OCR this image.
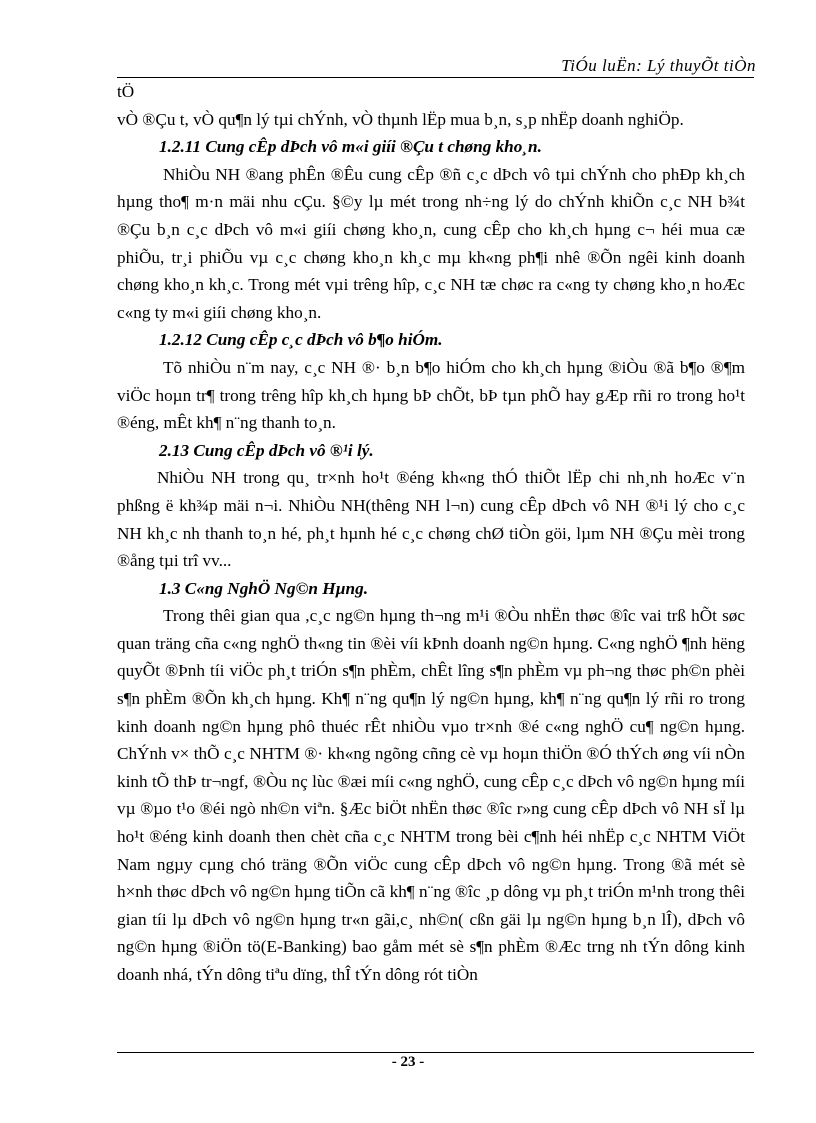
TiÓu luËn: Lý thuyÕt tiÒn
tÖ
vÒ ®Çu t, vÒ qu¶n lý tµi chÝnh, vÒ thµnh lËp mua b¸n, s¸p nhËp doanh nghiÖp.
1.2.11 Cung cÊp dÞch vô m«i giíi ®Çu t chøng kho¸n.
NhiÒu NH ®ang phÊn ®Êu cung cÊp ®ñ c¸c dÞch vô tµi chÝnh cho phÐp kh¸ch hµng tho¶ m·n mäi nhu cÇu. §©y lµ mét trong nh÷ng lý do chÝnh khiÕn c¸c NH b¾t ®Çu b¸n c¸c dÞch vô m«i giíi chøng kho¸n, cung cÊp cho kh¸ch hµng c¬ héi mua cæ phiÕu, tr¸i phiÕu vµ c¸c chøng kho¸n kh¸c mµ kh«ng ph¶i nhê ®Õn ngêi kinh doanh chøng kho¸n kh¸c. Trong mét vµi trêng hîp, c¸c NH tæ chøc ra c«ng ty chøng kho¸n hoÆc c«ng ty m«i giíi chøng kho¸n.
1.2.12 Cung cÊp c¸c dÞch vô b¶o hiÓm.
Tõ nhiÒu n¨m nay, c¸c NH ®· b¸n b¶o hiÓm cho kh¸ch hµng ®iÒu ®ã b¶o ®¶m viÖc hoµn tr¶ trong trêng hîp kh¸ch hµng bÞ chÕt, bÞ tµn phÕ hay gÆp rñi ro trong ho¹t ®éng, mÊt kh¶ n¨ng thanh to¸n.
2.13 Cung cÊp dÞch vô ®¹i lý.
NhiÒu NH trong qu¸ tr×nh ho¹t ®éng kh«ng thÓ thiÕt lËp chi nh¸nh hoÆc v¨n phßng ë kh¾p mäi n¬i. NhiÒu NH(thêng NH l¬n) cung cÊp dÞch vô NH ®¹i lý cho c¸c NH kh¸c nh thanh to¸n hé, ph¸t hµnh hé c¸c chøng chØ tiÒn göi, lµm NH ®Çu mèi trong ®ång tµi trî vv...
1.3 C«ng NghÖ Ng©n Hµng.
Trong thêi gian qua ,c¸c ng©n hµng th¬ng m¹i ®Òu nhËn thøc ®îc vai trß hÕt søc quan träng cña c«ng nghÖ th«ng tin ®èi víi kÞnh doanh ng©n hµng. C«ng nghÖ ¶nh hëng quyÕt ®Þnh tíi viÖc ph¸t triÓn s¶n phÈm, chÊt lîng s¶n phÈm vµ ph¬ng thøc ph©n phèi s¶n phÈm ®Õn kh¸ch hµng. Kh¶ n¨ng qu¶n lý ng©n hµng, kh¶ n¨ng qu¶n lý rñi ro trong kinh doanh ng©n hµng phô thuéc rÊt nhiÒu vµo tr×nh ®é c«ng nghÖ cu¶ ng©n hµng. ChÝnh v× thÕ c¸c NHTM ®· kh«ng ngõng cñng cè vµ hoµn thiÖn ®Ó thÝch øng víi nÒn kinh tÕ thÞ tr¬ngf, ®Òu nç lùc ®æi míi c«ng nghÖ, cung cÊp c¸c dÞch vô ng©n hµng míi vµ ®µo t¹o ®éi ngò nh©n viªn. §Æc biÖt nhËn thøc ®îc r»ng cung cÊp dÞch vô NH sÏ lµ ho¹t ®éng kinh doanh then chèt cña c¸c NHTM trong bèi c¶nh héi nhËp c¸c NHTM ViÖt Nam ngµy cµng chó träng ®Õn viÖc cung cÊp dÞch vô ng©n hµng. Trong ®ã mét sè h×nh thøc dÞch vô ng©n hµng tiÕn cã kh¶ n¨ng ®îc ¸p dông vµ ph¸t triÓn m¹nh trong thêi gian tíi lµ dÞch vô ng©n hµng tr«n gãi,c¸ nh©n( cßn gäi lµ ng©n hµng b¸n lÎ), dÞch vô ng©n hµng ®iÖn tö(E-Banking) bao gåm mét sè s¶n phÈm ®Æc trng nh tÝn dông kinh doanh nhá, tÝn dông tiªu dïng, thÎ tÝn dông rót tiÒn
- 23 -
